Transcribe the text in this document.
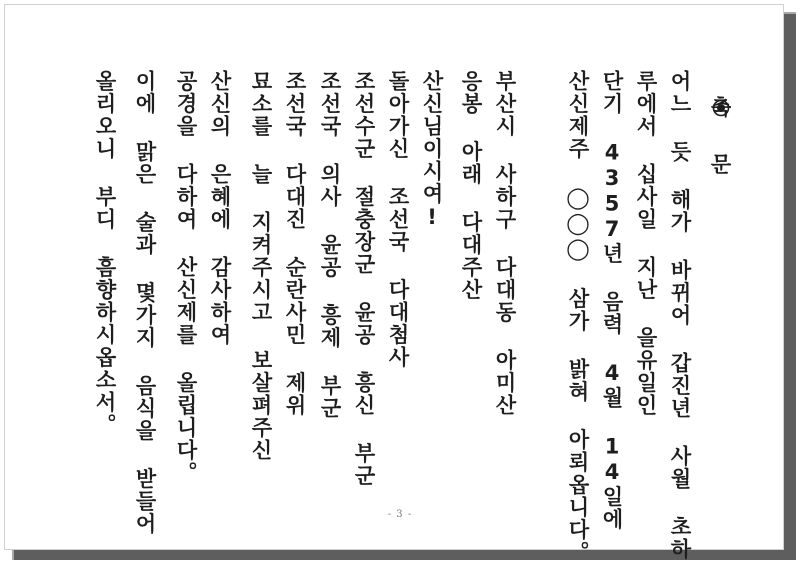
축 문
어느 듯 해가 바뀌어 갑진년 사월 초하
루에서 십사일 지난 을유일인
단기 4357년 음력 4월 14일에
산신제주 ◯◯◯ 삼가 밝혀 아뢰옵니다。
부산시 사하구 다대동 아미산
응봉 아래 다대주산
산신님이시여!
돌아가신 조선국 다대첨사
조선수군 절충장군 윤공 흥신 부군
조선국 의사 윤공 흥제 부군
조선국 다대진 순란사민 제위
묘소를 늘 지켜주시고 보살펴주신
산신의 은혜에 감사하여
공경을 다하여 산신제를 올립니다。
이에 맑은 술과 몇가지 음식을 받들어
올리오니 부디 흠향하시옵소서。
- 3 -
